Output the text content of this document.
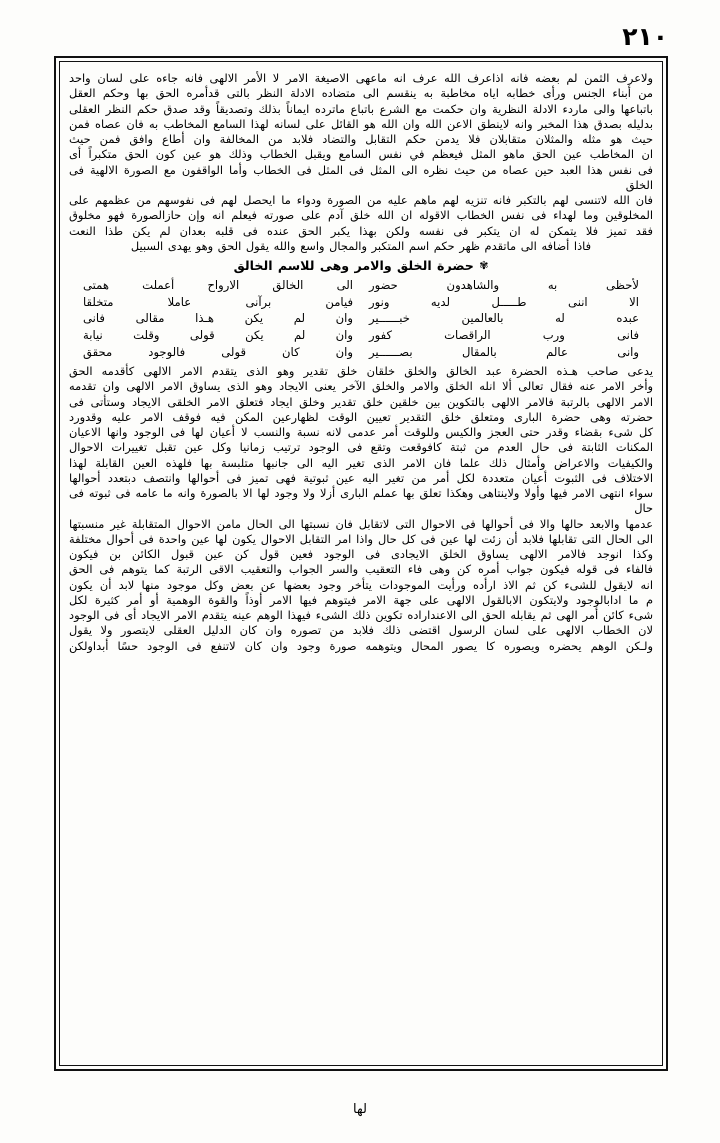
٢١٠

ولاعرف الثمن لم بعضه فانه اذاعرف الله عرف انه ماعهى الاصيغة الامر لا الأمر الالهى فانه جاءه على لسان واحد

من أبناء الجنس ورأى خطابه اياه مخاطبة به ينقسم الى متضاده الادلة النظر بالتى قدأمره الحق بها وحكم العقل

باتباعها والى ماردء الادلة النظرية وان حكمت مع الشرع باتباع ماترده ايماناً بذلك وتصديقاً وقد صدق حكم النظر العقلى

بدليله بصدق هذا المخبر وانه لاينطق الاعن الله وان الله هو القائل على لسانه لهذا السامع المخاطب به فان عصاه فمن

حيث هو مثله والمثلان متقابلان فلا يدمن حكم التقابل والتضاد فلابد من المخالفة وان أطاع وافق فمن حيث

ان المخاطب عين الحق ماهو المثل فيعظم في نفس السامع ويقبل الخطاب وذلك هو عين كون الحق متكبراً أى

فى نفس هذا العبد حين عصاه من حيث نظره الى المثل فى المثل فى الخطاب وأما الواقفون مع الصورة الالهية فى الخلق

فان الله لاتنسى لهم بالتكبر فانه تنزيه لهم ماهم عليه من الصورة ودواء ما ايحصل لهم فى نفوسهم من عظمهم على

المخلوقين وما لهداء فى نفس الخطاب الاقوله ان الله خلق آدم على صورته فيعلم انه وإن حازالصورة فهو مخلوق

فقد تميز فلا يتمكن له ان يتكبر فى نفسه ولكن بهذا يكبر الحق عنده فى قلبه بعدان لم يكن طذا النعت

فاذا أضافه الى ماتقدم ظهر حكم اسم المتكبر والمجال واسع والله يقول الحق وهو يهدى السبيل

✾ حضرة الخلق والامر وهى للاسم الخالق
لأحظى به والشاهدون حضور
الى الخالق الارواح أعملت همتى
الا اننى طـــــل لديه ونور
فيامن برآنى عاملا متخلقا
عبده له بالعالمين خبــــــير
وان لم يكن هـذا مقالى فانى
فانى ورب الراقصات كفور
وان لم يكن قولى وقلت نيابة
وانى عالم بالمقال بصــــــير
وان كان قولى فالوجود محقق

يدعى صاحب هـذه الحضرة عبد الخالق والخلق خلقان خلق تقدير وهو الذى يتقدم الامر الالهى كأقدمه الحق

وأخر الامر عنه فقال تعالى ألا انله الخلق والامر والخلق الآخر يعنى الايجاد وهو الذى يساوق الامر الالهى وان تقدمه

الامر الالهى بالرتبة فالامر الالهى بالتكوين بين خلقين خلق تقدير وخلق ايجاد فتعلق الامر الخلقى الايجاد وستأتى فى

حضرته وهى حضرة البارى ومتعلق خلق التقدير تعيين الوقت لظهارعين المكن فيه فوقف الامر عليه وقدورد

كل شىء بقضاء وقدر حتى العجز والكيس وللوقت أمر عدمى لانه نسبة والنسب لا أعيان لها فى الوجود وانها الاعيان

المكنات الثابتة فى حال العدم من ثبتة كافوقعت وتقع فى الوجود ترتيب زمانيا وكل عين تقبل تغييرات الاحوال

والكيفيات والاعراض وأمثال ذلك علما فان الامر الذى تغير اليه الى جانبها متلبسة بها فلهذه العين القابلة لهذا

الاختلاف فى الثبوت أعيان متعددة لكل أمر من تغير اليه عين ثبوتية فهى تميز فى أحوالها وانتصف دبتعدد أحوالها

سواء انتهى الامر فيها وأولا ولاينتاهى وهكذا تعلق بها عملم البارى أزلا ولا وجود لها الا بالصورة وانه ما عامه فى ثبوته فى حال

عدمها والابعد حالها والا فى أحوالها فى الاحوال التى لاتقابل فان نسبتها الى الحال مامن الاحوال المتقابلة غير منسبتها

الى الحال التى تقابلها فلابد أن زئت لها عين فى كل حال واذا امر التقابل الاحوال يكون لها عين واحدة فى أحوال مختلفة

وكذا انوجد فالامر الالهى يساوق الخلق الايجادى فى الوجود فعين قول كن عين قبول الكائن بن فيكون

فالفاء فى قوله فيكون جواب أمره كن وهى فاء التعقيب والسر الجواب والتعقيب الاقى الرتبة كما يتوهم فى الحق

انه لايقول للشىء كن ثم الاذ ارأده ورأيت الموجودات يتأخر وجود بعضها عن بعض وكل موجود منها لابد أن يكون

م ما ادابالوجود ولايتكون الابالقول الالهى على جهة الامر فيتوهم فيها الامر أوذاً والقوة الوهمية أو أمر كثيرة لكل

شىء كائن أمر الهى ثم يقابله الحق الى الاعنداراده تكوين ذلك الشىء فيهذا الوهم عينه يتقدم الامر الايجاد أى فى الوجود

لان الخطاب الالهى على لسان الرسول اقتضى ذلك فلابد من تصوره وان كان الدليل العقلى لايتصور ولا يقول

ولـكن الوهم يحضره ويصوره كا يصور المحال ويتوهمه صورة وجود وان كان لاتنفع فى الوجود حسًا أبداولكن

لها
